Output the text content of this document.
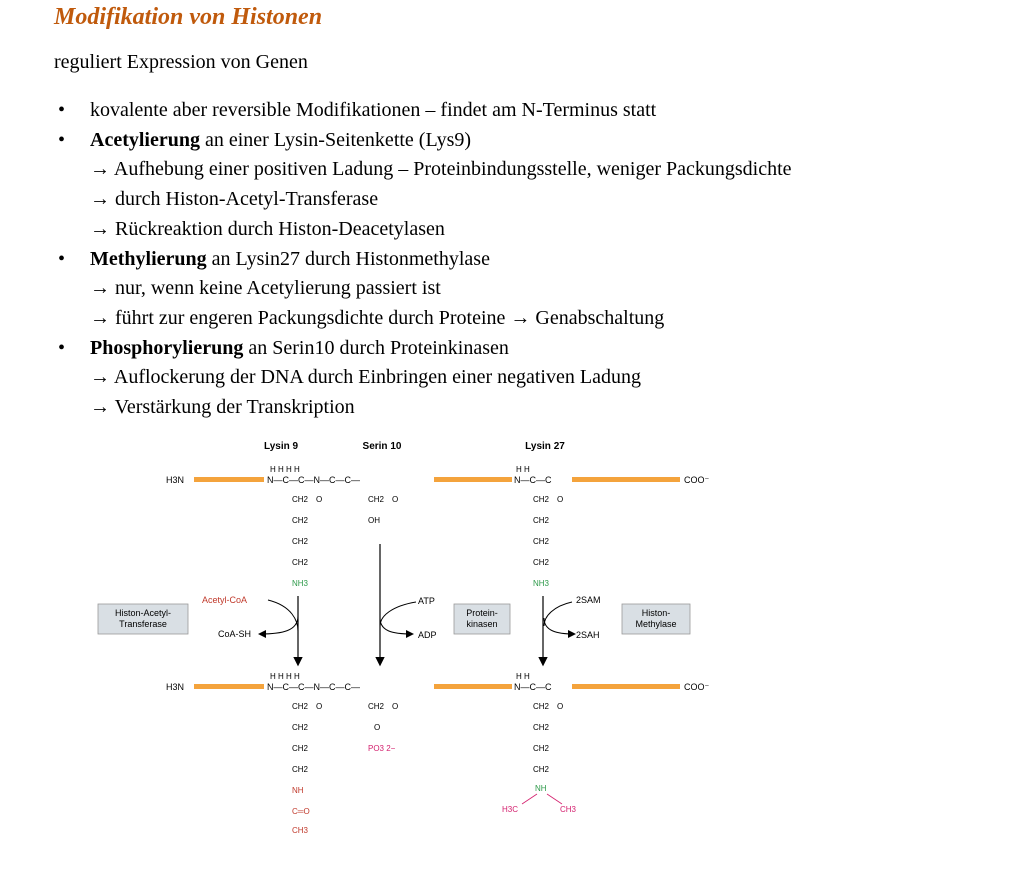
Modifikation von Histonen
reguliert Expression von Genen
• kovalente aber reversible Modifikationen – findet am N-Terminus statt
• Acetylierung an einer Lysin-Seitenkette (Lys9)
→ Aufhebung einer positiven Ladung – Proteinbindungsstelle, weniger Packungsdichte
→ durch Histon-Acetyl-Transferase
→ Rückreaktion durch Histon-Deacetylasen
• Methylierung an Lysin27 durch Histonmethylase
→ nur, wenn keine Acetylierung passiert ist
→ führt zur engeren Packungsdichte durch Proteine → Genabschaltung
• Phosphorylierung an Serin10 durch Proteinkinasen
→ Auflockerung der DNA durch Einbringen einer negativen Ladung
→ Verstärkung der Transkription
Lysin 9	Serin 10	Lysin 27
H3N	N—C—C—N—C—C—
H H H H
N—C—C
H H
COO⁻
CH2 O
CH2
CH2
CH2
NH3
CH2 O
OH
CH2 O
CH2
CH2
CH2
NH3
Histon-Acetyl-
Transferase
Acetyl-CoA
CoA-SH
ATP
ADP
Protein-
kinasen
2SAM
2SAH
Histon-
Methylase
H3N	N—C—C—N—C—C—
H H H H
N—C—C
H H
COO⁻
CH2 O
CH2
CH2
CH2
NH
C═O
CH3
CH2 O
O
PO3 2−
CH2 O
CH2
CH2
CH2
NH
H3C	CH3
